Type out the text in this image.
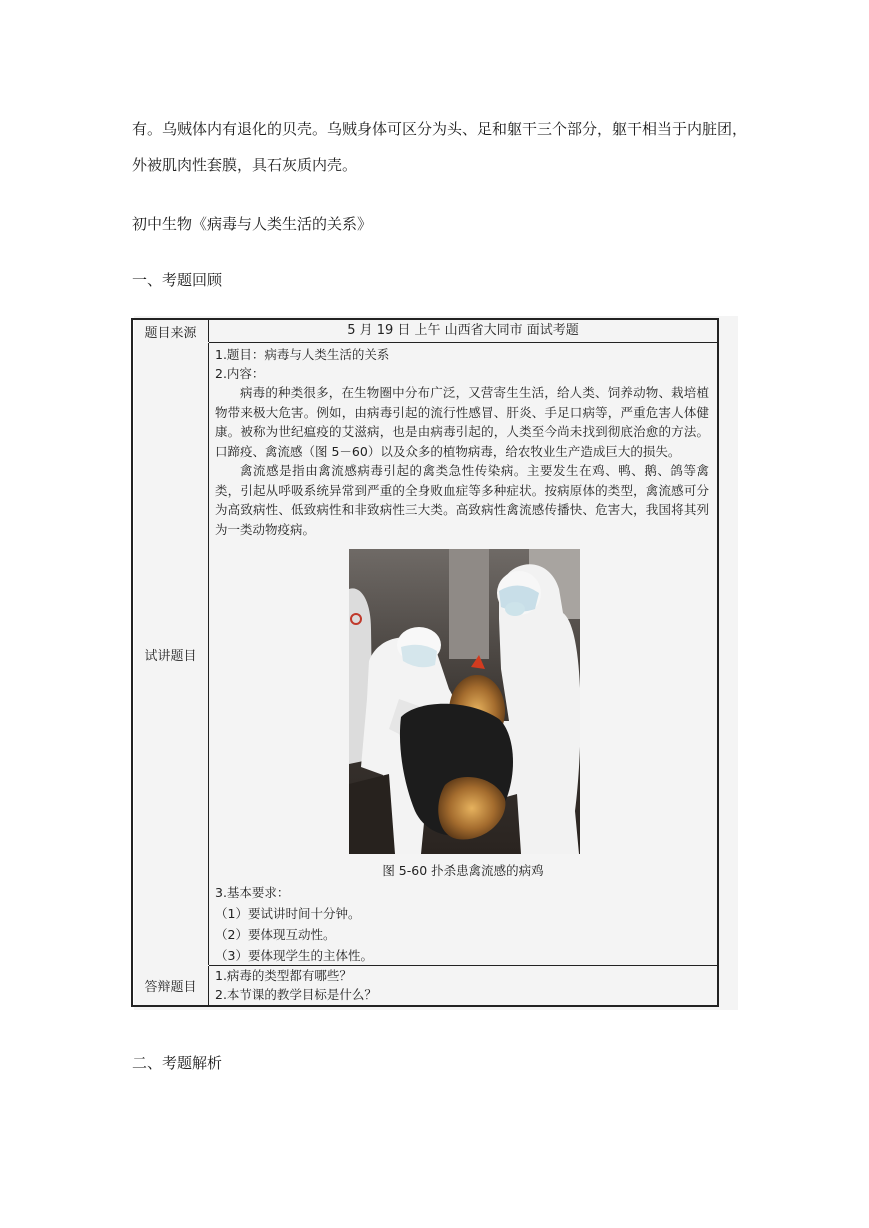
有。乌贼体内有退化的贝壳。乌贼身体可区分为头、足和躯干三个部分，躯干相当于内脏团，外被肌肉性套膜，具石灰质内壳。
初中生物《病毒与人类生活的关系》
一、考题回顾
题目来源	5 月 19 日 上午 山西省大同市 面试考题
试讲题目
1.题目：病毒与人类生活的关系
2.内容：
病毒的种类很多，在生物圈中分布广泛，又营寄生生活，给人类、饲养动物、栽培植物带来极大危害。例如，由病毒引起的流行性感冒、肝炎、手足口病等，严重危害人体健康。被称为世纪瘟疫的艾滋病，也是由病毒引起的，人类至今尚未找到彻底治愈的方法。口蹄疫、禽流感（图 5－60）以及众多的植物病毒，给农牧业生产造成巨大的损失。
禽流感是指由禽流感病毒引起的禽类急性传染病。主要发生在鸡、鸭、鹅、鸽等禽类，引起从呼吸系统异常到严重的全身败血症等多种症状。按病原体的类型，禽流感可分为高致病性、低致病性和非致病性三大类。高致病性禽流感传播快、危害大，我国将其列为一类动物疫病。
图 5-60 扑杀患禽流感的病鸡
3.基本要求：
（1）要试讲时间十分钟。
（2）要体现互动性。
（3）要体现学生的主体性。
答辩题目
1.病毒的类型都有哪些？
2.本节课的教学目标是什么？
二、考题解析
